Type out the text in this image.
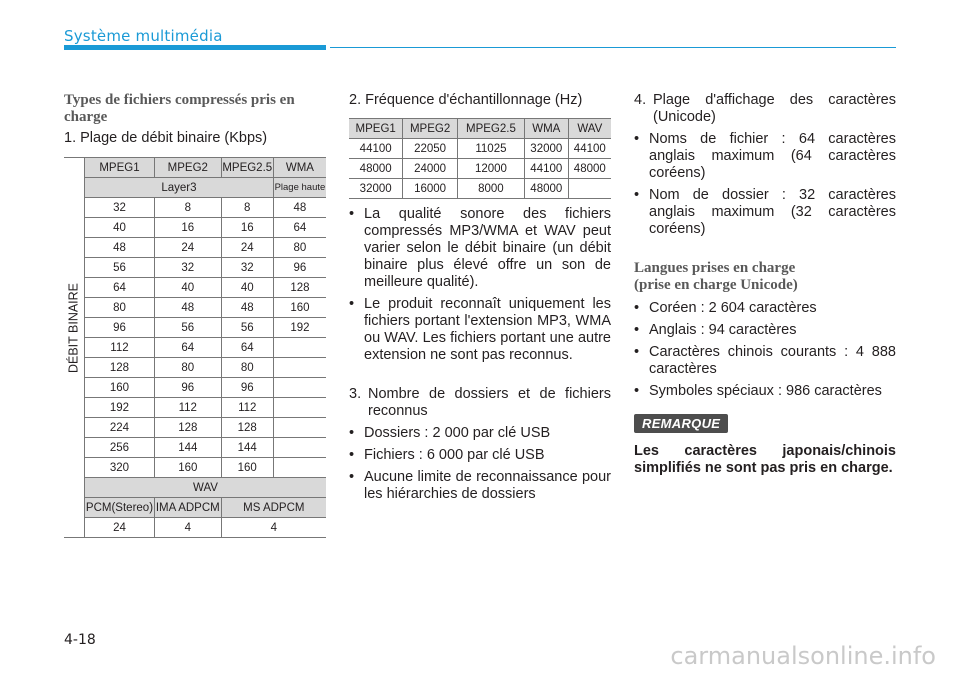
Système multimédia

Types de fichiers compressés pris en charge

1. Plage de débit binaire (Kbps)
DÉBIT BINAIRE	MPEG1	MPEG2	MPEG2.5	WMA
	Layer3			Plage haute
	32	8	8	48
	40	16	16	64
	48	24	24	80
	56	32	32	96
	64	40	40	128
	80	48	48	160
	96	56	56	192
	112	64	64	
	128	80	80	
	160	96	96	
	192	112	112	
	224	128	128	
	256	144	144	
	320	160	160	
	WAV			
	PCM(Stereo)	IMA ADPCM	MS ADPCM	
	24	4	4	
2. Fréquence d'échantillonnage (Hz)
MPEG1	MPEG2	MPEG2.5	WMA	WAV
44100	22050	11025	32000	44100
48000	24000	12000	44100	48000
32000	16000	8000	48000	
• La qualité sonore des fichiers compressés MP3/WMA et WAV peut varier selon le débit binaire (un débit binaire plus élevé offre un son de meilleure qualité).
• Le produit reconnaît uniquement les fichiers portant l'extension MP3, WMA ou WAV. Les fichiers portant une autre extension ne sont pas reconnus.
3. Nombre de dossiers et de fichiers reconnus
• Dossiers : 2 000 par clé USB
• Fichiers : 6 000 par clé USB
• Aucune limite de reconnaissance pour les hiérarchies de dossiers
4. Plage d'affichage des caractères (Unicode)
• Noms de fichier : 64 caractères anglais maximum (64 caractères coréens)
• Nom de dossier : 32 caractères anglais maximum (32 caractères coréens)

Langues prises en charge (prise en charge Unicode)

• Coréen : 2 604 caractères
• Anglais : 94 caractères
• Caractères chinois courants : 4 888 caractères
• Symboles spéciaux : 986 caractères
REMARQUE
Les caractères japonais/chinois simplifiés ne sont pas pris en charge.
4-18
carmanualsonline.info
